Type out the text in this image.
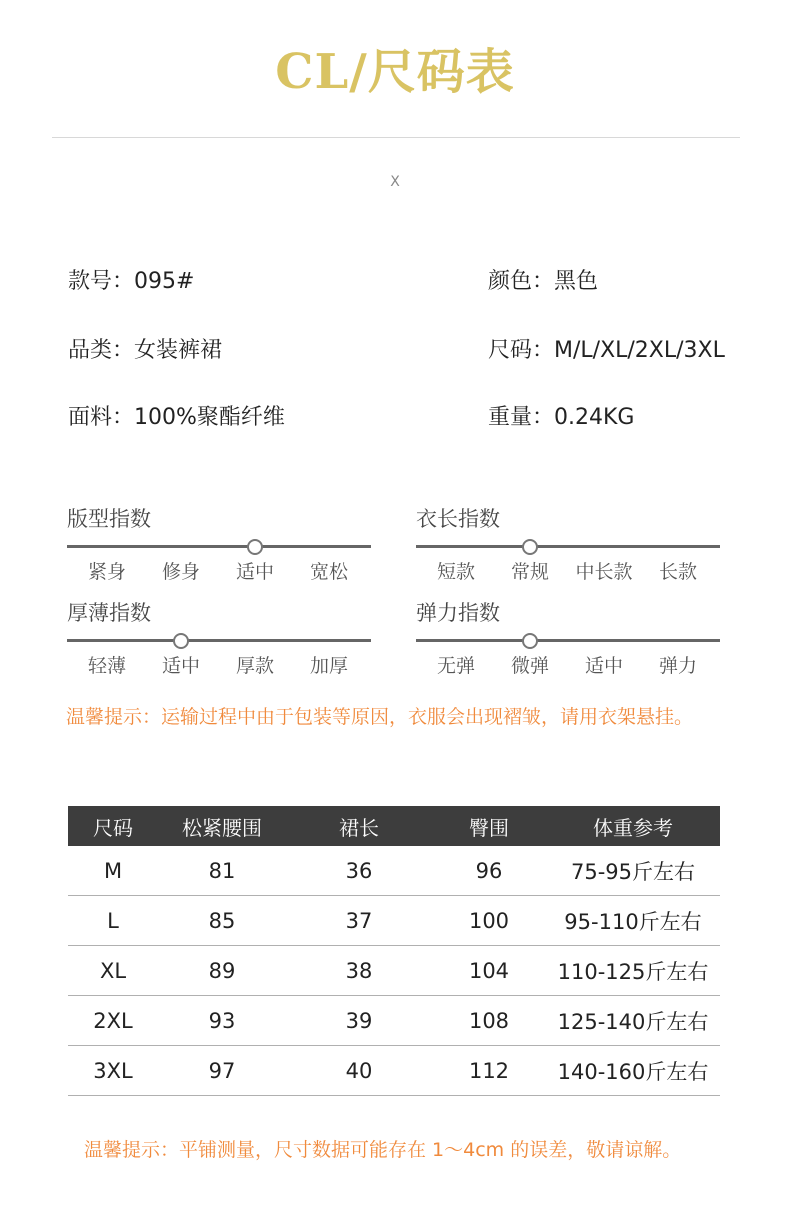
CL/尺码表
X
款号：095#	颜色：黑色
品类：女装裤裙	尺码：M/L/XL/2XL/3XL
面料：100%聚酯纤维	重量：0.24KG
版型指数
紧身	修身	适中	宽松
衣长指数
短款	常规	中长款	长款
厚薄指数
轻薄	适中	厚款	加厚
弹力指数
无弹	微弹	适中	弹力
温馨提示：运输过程中由于包装等原因，衣服会出现褶皱，请用衣架悬挂。
尺码	松紧腰围	裙长	臀围	体重参考
M	81	36	96	75-95斤左右
L	85	37	100	95-110斤左右
XL	89	38	104	110-125斤左右
2XL	93	39	108	125-140斤左右
3XL	97	40	112	140-160斤左右
温馨提示：平铺测量，尺寸数据可能存在 1～4cm 的误差，敬请谅解。
